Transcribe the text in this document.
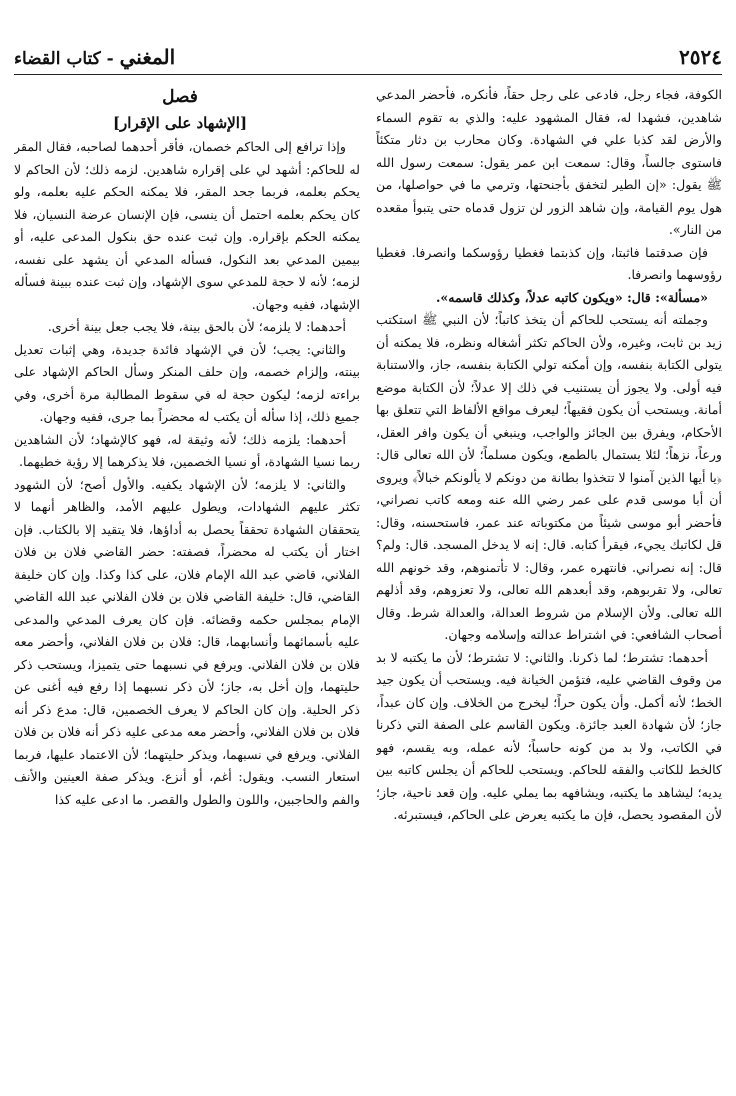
٢٥٢٤
المغني - كتاب القضاء

الكوفة، فجاء رجل، فادعى على رجل حقاً، فأنكره، فأحضر المدعي شاهدين، فشهدا له، فقال المشهود عليه: والذي به تقوم السماء والأرض لقد كذبا علي في الشهادة. وكان محارب بن دثار متكئاً فاستوى جالساً، وقال: سمعت ابن عمر يقول: سمعت رسول الله ﷺ يقول: «إن الطير لتخفق بأجنحتها، وترمي ما في حواصلها، من هول يوم القيامة، وإن شاهد الزور لن تزول قدماه حتى يتبوأ مقعده من النار».

فإن صدقتما فاثبتا، وإن كذبتما فغطيا رؤوسكما وانصرفا. فغطيا رؤوسهما وانصرفا.

«مسألة»: قال: «ويكون كاتبه عدلاً، وكذلك قاسمه».

وجملته أنه يستحب للحاكم أن يتخذ كاتباً؛ لأن النبي ﷺ استكتب زيد بن ثابت، وغيره، ولأن الحاكم تكثر أشغاله ونظره، فلا يمكنه أن يتولى الكتابة بنفسه، وإن أمكنه تولي الكتابة بنفسه، جاز، والاستنابة فيه أولى. ولا يجوز أن يستنيب في ذلك إلا عدلاً؛ لأن الكتابة موضع أمانة. ويستحب أن يكون فقيهاً؛ ليعرف مواقع الألفاظ التي تتعلق بها الأحكام، ويفرق بين الجائز والواجب، وينبغي أن يكون وافر العقل، ورعاً، نزهاً؛ لئلا يستمال بالطمع، ويكون مسلماً؛ لأن الله تعالى قال: ﴿يا أيها الذين آمنوا لا تتخذوا بطانة من دونكم لا يألونكم خبالاً﴾ ويروى أن أبا موسى قدم على عمر رضي الله عنه ومعه كاتب نصراني، فأحضر أبو موسى شيئاً من مكتوباته عند عمر، فاستحسنه، وقال: قل لكاتبك يجيء، فيقرأ كتابه. قال: إنه لا يدخل المسجد. قال: ولم؟ قال: إنه نصراني. فانتهره عمر، وقال: لا تأتمنوهم، وقد خونهم الله تعالى، ولا تقربوهم، وقد أبعدهم الله تعالى، ولا تعزوهم، وقد أذلهم الله تعالى. ولأن الإسلام من شروط العدالة، والعدالة شرط. وقال أصحاب الشافعي: في اشتراط عدالته وإسلامه وجهان.

أحدهما: تشترط؛ لما ذكرنا. والثاني: لا تشترط؛ لأن ما يكتبه لا بد من وقوف القاضي عليه، فتؤمن الخيانة فيه. ويستحب أن يكون جيد الخط؛ لأنه أكمل. وأن يكون حراً؛ ليخرج من الخلاف. وإن كان عبداً، جاز؛ لأن شهادة العبد جائزة. ويكون القاسم على الصفة التي ذكرنا في الكاتب، ولا بد من كونه حاسباً؛ لأنه عمله، وبه يقسم، فهو كالخط للكاتب والفقه للحاكم. ويستحب للحاكم أن يجلس كاتبه بين يديه؛ ليشاهد ما يكتبه، ويشافهه بما يملي عليه. وإن قعد ناحية، جاز؛ لأن المقصود يحصل، فإن ما يكتبه يعرض على الحاكم، فيستبرئه.

فصل

[الإشهاد على الإقرار]

وإذا ترافع إلى الحاكم خصمان، فأقر أحدهما لصاحبه، فقال المقر له للحاكم: أشهد لي على إقراره شاهدين. لزمه ذلك؛ لأن الحاكم لا يحكم بعلمه، فربما جحد المقر، فلا يمكنه الحكم عليه بعلمه، ولو كان يحكم بعلمه احتمل أن ينسى، فإن الإنسان عرضة النسيان، فلا يمكنه الحكم بإقراره. وإن ثبت عنده حق بنكول المدعى عليه، أو بيمين المدعي بعد النكول، فسأله المدعي أن يشهد على نفسه، لزمه؛ لأنه لا حجة للمدعي سوى الإشهاد، وإن ثبت عنده ببينة فسأله الإشهاد، ففيه وجهان.

أحدهما: لا يلزمه؛ لأن بالحق بينة، فلا يجب جعل بينة أخرى.

والثاني: يجب؛ لأن في الإشهاد فائدة جديدة، وهي إثبات تعديل بينته، وإلزام خصمه، وإن حلف المنكر وسأل الحاكم الإشهاد على براءته لزمه؛ ليكون حجة له في سقوط المطالبة مرة أخرى، وفي جميع ذلك، إذا سأله أن يكتب له محضراً بما جرى، ففيه وجهان.

أحدهما: يلزمه ذلك؛ لأنه وثيقة له، فهو كالإشهاد؛ لأن الشاهدين ربما نسيا الشهادة، أو نسيا الخصمين، فلا يذكرهما إلا رؤية خطيهما.

والثاني: لا يلزمه؛ لأن الإشهاد يكفيه. والأول أصح؛ لأن الشهود تكثر عليهم الشهادات، ويطول عليهم الأمد، والظاهر أنهما لا يتحققان الشهادة تحققاً يحصل به أداؤها، فلا يتقيد إلا بالكتاب. فإن اختار أن يكتب له محضراً، فصفته: حضر القاضي فلان بن فلان الفلاني، قاضي عبد الله الإمام فلان، على كذا وكذا. وإن كان خليفة القاضي، قال: خليفة القاضي فلان بن فلان الفلاني عبد الله القاضي الإمام بمجلس حكمه وقضائه. فإن كان يعرف المدعي والمدعى عليه بأسمائهما وأنسابهما، قال: فلان بن فلان الفلاني، وأحضر معه فلان بن فلان الفلاني. ويرفع في نسبهما حتى يتميزا، ويستحب ذكر حليتهما، وإن أخل به، جاز؛ لأن ذكر نسبهما إذا رفع فيه أغنى عن ذكر الحلية. وإن كان الحاكم لا يعرف الخصمين، قال: مدع ذكر أنه فلان بن فلان الفلاني، وأحضر معه مدعى عليه ذكر أنه فلان بن فلان الفلاني. ويرفع في نسبهما، ويذكر حليتهما؛ لأن الاعتماد عليها، فربما استعار النسب. ويقول: أغم، أو أنزع. ويذكر صفة العينين والأنف والفم والحاجبين، واللون والطول والقصر. ما ادعى عليه كذا
